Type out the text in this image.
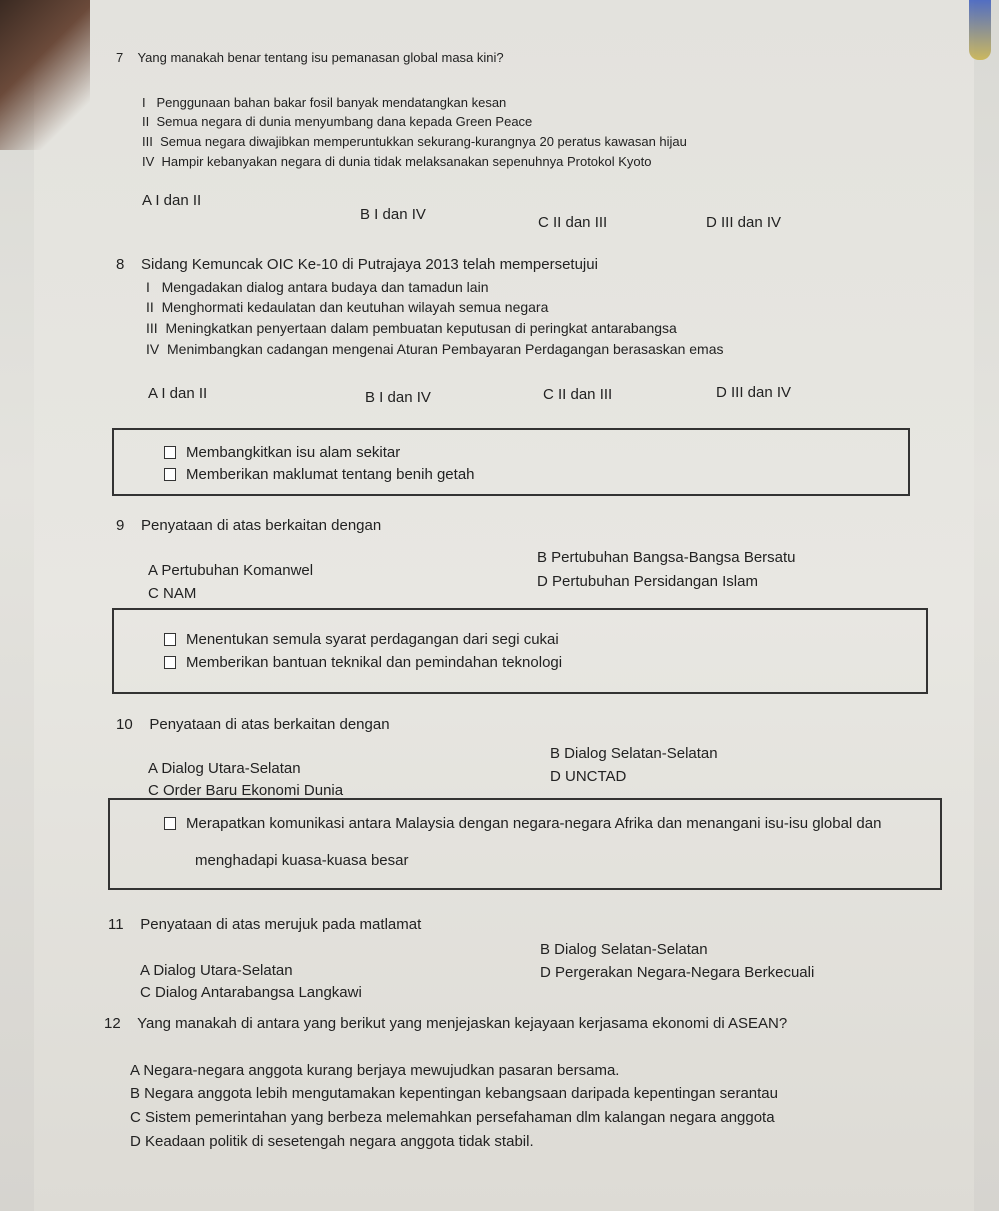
7 Yang manakah benar tentang isu pemanasan global masa kini?
I Penggunaan bahan bakar fosil banyak mendatangkan kesan
II Semua negara di dunia menyumbang dana kepada Green Peace
III Semua negara diwajibkan memperuntukkan sekurang-kurangnya 20 peratus kawasan hijau
IV Hampir kebanyakan negara di dunia tidak melaksanakan sepenuhnya Protokol Kyoto
A I dan II
B I dan IV	C II dan III	D III dan IV
8 Sidang Kemuncak OIC Ke-10 di Putrajaya 2013 telah mempersetujui
I Mengadakan dialog antara budaya dan tamadun lain
II Menghormati kedaulatan dan keutuhan wilayah semua negara
III Meningkatkan penyertaan dalam pembuatan keputusan di peringkat antarabangsa
IV Menimbangkan cadangan mengenai Aturan Pembayaran Perdagangan berasaskan emas
A I dan II	B I dan IV	C II dan III	D III dan IV
Membangkitkan isu alam sekitar
Memberikan maklumat tentang benih getah
9 Penyataan di atas berkaitan dengan
A Pertubuhan Komanwel
B Pertubuhan Bangsa-Bangsa Bersatu
C NAM
D Pertubuhan Persidangan Islam
Menentukan semula syarat perdagangan dari segi cukai
Memberikan bantuan teknikal dan pemindahan teknologi
10 Penyataan di atas berkaitan dengan
A Dialog Utara-Selatan
B Dialog Selatan-Selatan
C Order Baru Ekonomi Dunia
D UNCTAD
Merapatkan komunikasi antara Malaysia dengan negara-negara Afrika dan menangani isu-isu global dan
menghadapi kuasa-kuasa besar
11 Penyataan di atas merujuk pada matlamat
A Dialog Utara-Selatan
B Dialog Selatan-Selatan
C Dialog Antarabangsa Langkawi
D Pergerakan Negara-Negara Berkecuali
12 Yang manakah di antara yang berikut yang menjejaskan kejayaan kerjasama ekonomi di ASEAN?
A Negara-negara anggota kurang berjaya mewujudkan pasaran bersama.
B Negara anggota lebih mengutamakan kepentingan kebangsaan daripada kepentingan serantau
C Sistem pemerintahan yang berbeza melemahkan persefahaman dlm kalangan negara anggota
D Keadaan politik di sesetengah negara anggota tidak stabil.
